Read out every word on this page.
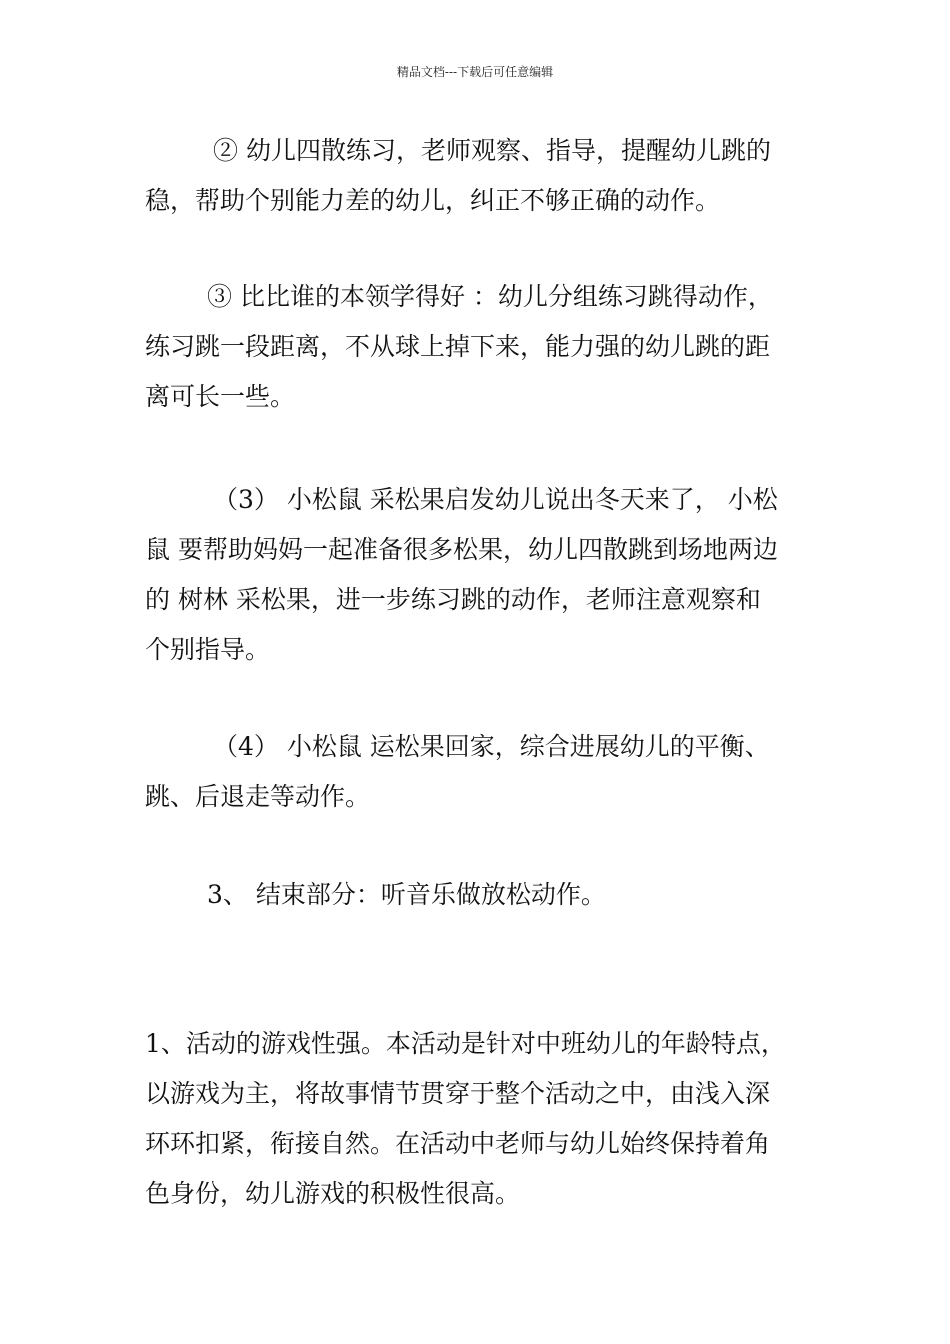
精品文档---下载后可任意编辑
② 幼儿四散练习，老师观察、指导，提醒幼儿跳的
稳，帮助个别能力差的幼儿，纠正不够正确的动作。
③ 比比谁的本领学得好 ：幼儿分组练习跳得动作，
练习跳一段距离，不从球上掉下来，能力强的幼儿跳的距
离可长一些。
（3） 小松鼠 采松果启发幼儿说出冬天来了， 小松
鼠 要帮助妈妈一起准备很多松果，幼儿四散跳到场地两边
的 树林 采松果，进一步练习跳的动作，老师注意观察和
个别指导。
（4） 小松鼠 运松果回家，综合进展幼儿的平衡、
跳、后退走等动作。
3、 结束部分：听音乐做放松动作。
1、活动的游戏性强。本活动是针对中班幼儿的年龄特点，
以游戏为主，将故事情节贯穿于整个活动之中，由浅入深
环环扣紧，衔接自然。在活动中老师与幼儿始终保持着角
色身份，幼儿游戏的积极性很高。
